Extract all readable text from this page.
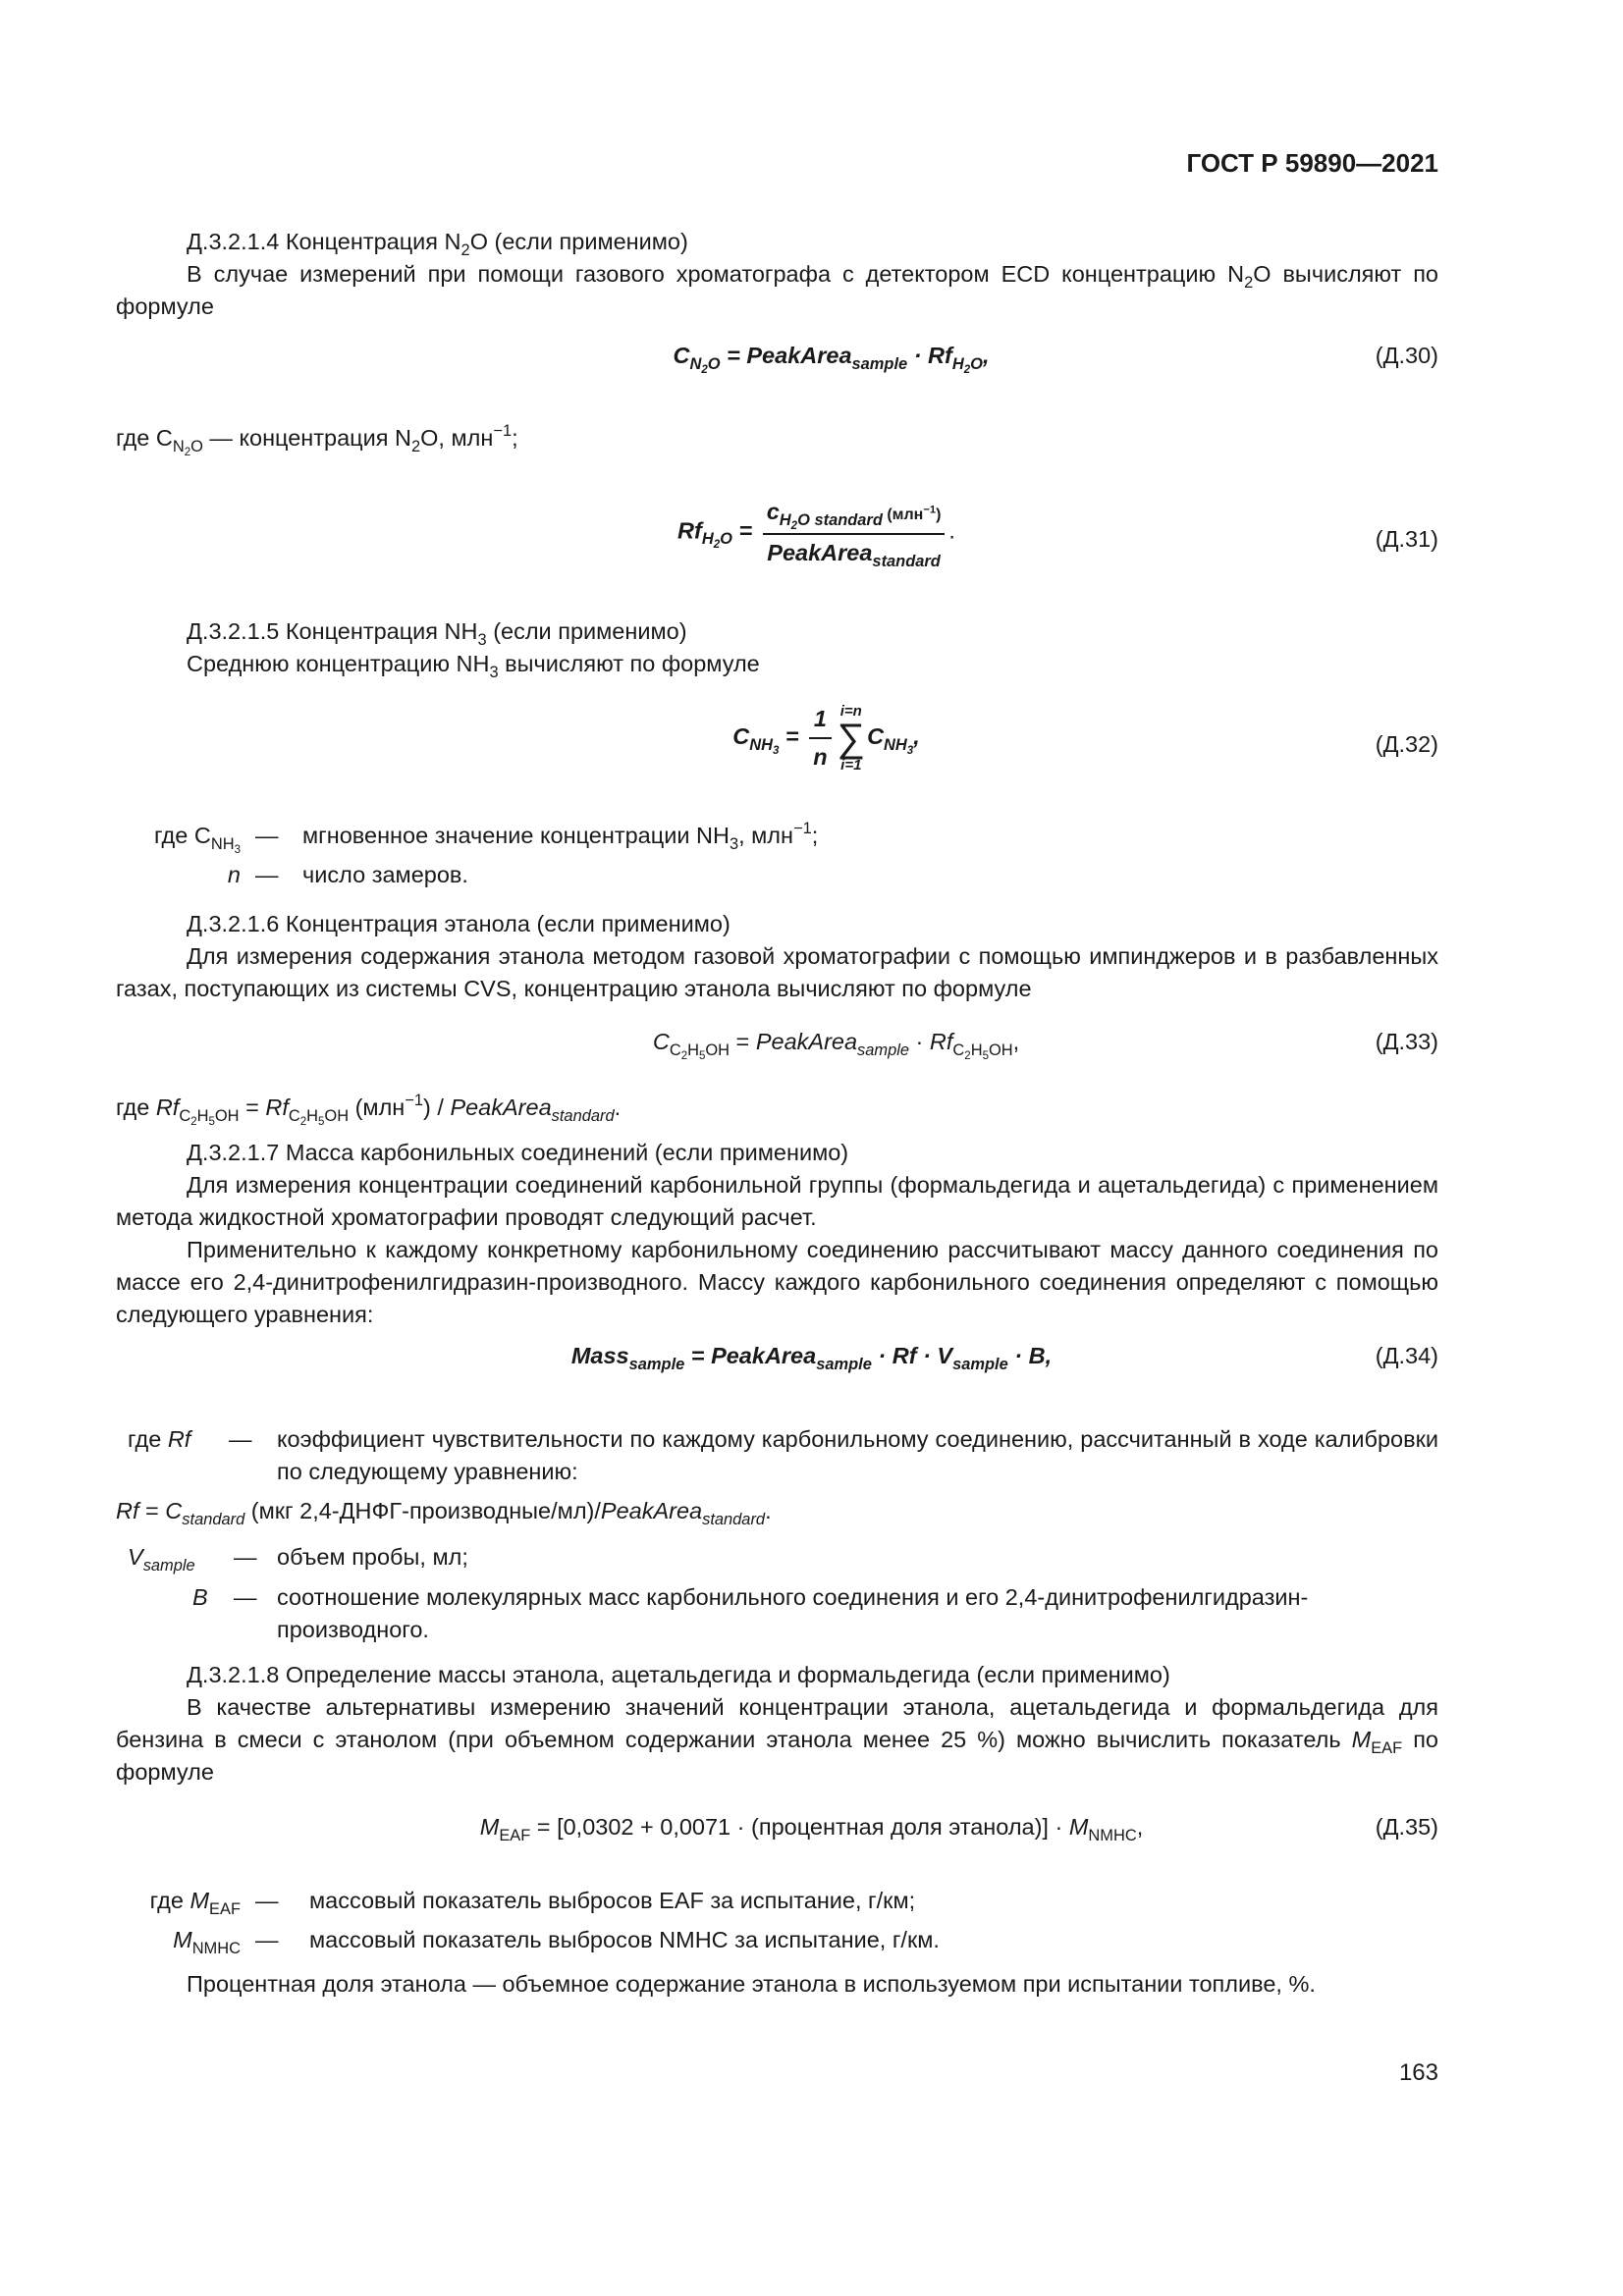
ГОСТ Р 59890—2021

Д.3.2.1.4 Концентрация $N_2O$ (если применимо)

В случае измерений при помощи газового хроматографа с детектором ECD концентрацию $N_2O$ вычисляют по формуле

$C_{N_2O}$ = PeakArea$_{sample}$ · $Rf_{H_2O}$,	(Д.30)

где $C_{N_2O}$ — концентрация $N_2O$, млн$^{-1}$;

$Rf_{H_2O} = \frac{c_{H_2O standard} (млн^{-1})}{PeakArea_{standard}}$ .	(Д.31)

Д.3.2.1.5 Концентрация $NH_3$ (если применимо)

Среднюю концентрацию $NH_3$ вычисляют по формуле

$C_{NH_3} = \frac{1}{n} i=n$
∑
i=1
$C_{NH_3}$,	(Д.32)
где $C_{NH_3}$
— мгновенное значение концентрации $NH_3$, млн$^{-1}$;
n — число замеров.

Д.3.2.1.6 Концентрация этанола (если применимо)

Для измерения содержания этанола методом газовой хроматографии с помощью импинджеров и в разбавленных газах, поступающих из системы CVS, концентрацию этанола вычисляют по формуле

$C_{C_2H_5OH}$ = PeakArea$_{sample}$ · $Rf_{C_2H_5OH}$,	(Д.33)

где $Rf_{C_2H_5OH} = Rf_{C_2H_5OH}$ (млн$^{-1}$) / PeakArea$_{standard}$.

Д.3.2.1.7 Масса карбонильных соединений (если применимо)

Для измерения концентрации соединений карбонильной группы (формальдегида и ацетальдегида) с применением метода жидкостной хроматографии проводят следующий расчет.

Применительно к каждому конкретному карбонильному соединению рассчитывают массу данного соединения по массе его 2,4-динитрофенилгидразин-производного. Массу каждого карбонильного соединения определяют с помощью следующего уравнения:

Mass$_{sample}$ = PeakArea$_{sample}$ · $Rf \cdot V_{sample} \cdot B$,	(Д.34)
где Rf — коэффициент чувствительности по каждому карбонильному соединению, рассчитанный в ходе калибровки по следующему уравнению:

$Rf = C_{standard}$ (мкг 2,4-ДНФГ-производные/мл)/PeakArea$_{standard}$.

$V_{sample}$ — объем пробы, мл;
B — соотношение молекулярных масс карбонильного соединения и его 2,4-динитрофенилгидразин-производного.

Д.3.2.1.8 Определение массы этанола, ацетальдегида и формальдегида (если применимо)

В качестве альтернативы измерению значений концентрации этанола, ацетальдегида и формальдегида для бензина в смеси с этанолом (при объемном содержании этанола менее 25 %) можно вычислить показатель $M_{EAF}$ по формуле

$M_{EAF} = [0,0302 + 0,0071$ · (процентная доля этанола)] · $M_{NMHC}$,	(Д.35)
где $M_{EAF}$ — массовый показатель выбросов EAF за испытание, г/км;
$M_{NMHC}$ — массовый показатель выбросов NMHC за испытание, г/км.

Процентная доля этанола — объемное содержание этанола в используемом при испытании топливе, %.

163
